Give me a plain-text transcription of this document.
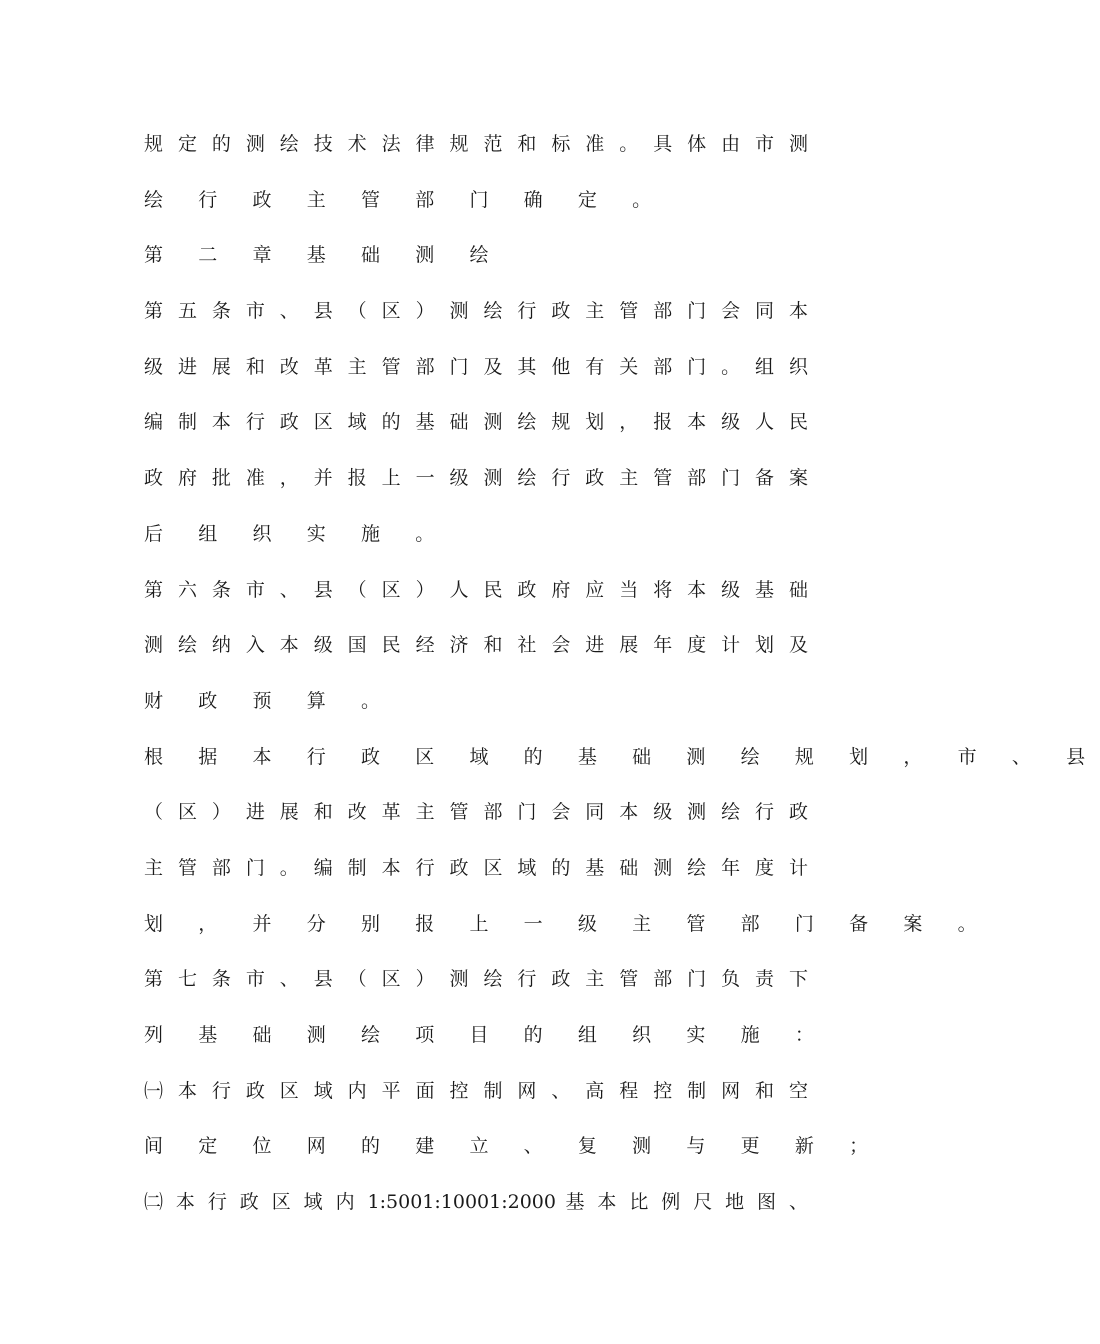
规 定 的 测 绘 技 术 法 律 规 范 和 标 准 。 具 体 由 市 测
绘 行 政 主 管 部 门 确 定 。
第 二 章 基 础 测 绘
第 五 条 市 、 县 （ 区 ） 测 绘 行 政 主 管 部 门 会 同 本
级 进 展 和 改 革 主 管 部 门 及 其 他 有 关 部 门 。 组 织
编 制 本 行 政 区 域 的 基 础 测 绘 规 划 ， 报 本 级 人 民
政 府 批 准 ， 并 报 上 一 级 测 绘 行 政 主 管 部 门 备 案
后 组 织 实 施 。
第 六 条 市 、 县 （ 区 ） 人 民 政 府 应 当 将 本 级 基 础
测 绘 纳 入 本 级 国 民 经 济 和 社 会 进 展 年 度 计 划 及
财 政 预 算 。
根 据 本 行 政 区 域 的 基 础 测 绘 规 划 ， 市 、 县
（ 区 ） 进 展 和 改 革 主 管 部 门 会 同 本 级 测 绘 行 政
主 管 部 门 。 编 制 本 行 政 区 域 的 基 础 测 绘 年 度 计
划 ， 并 分 别 报 上 一 级 主 管 部 门 备 案 。
第 七 条 市 、 县 （ 区 ） 测 绘 行 政 主 管 部 门 负 责 下
列 基 础 测 绘 项 目 的 组 织 实 施 ：
㈠ 本 行 政 区 域 内 平 面 控 制 网 、 高 程 控 制 网 和 空
间 定 位 网 的 建 立 、 复 测 与 更 新 ；
㈡ 本 行 政 区 域 内 1:5001:10001:2000 基 本 比 例 尺 地 图 、
